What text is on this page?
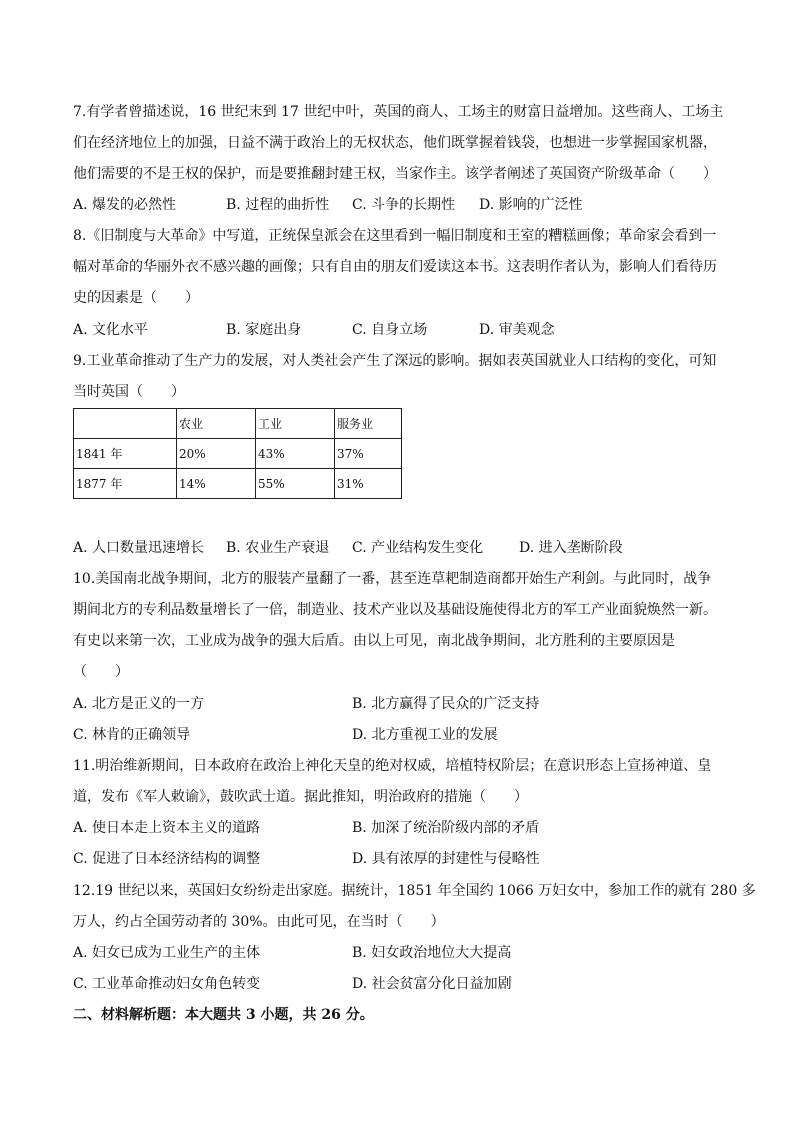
7.有学者曾描述说，16 世纪末到 17 世纪中叶，英国的商人、工场主的财富日益增加。这些商人、工场主
们在经济地位上的加强，日益不满于政治上的无权状态，他们既掌握着钱袋，也想进一步掌握国家机器，
他们需要的不是王权的保护，而是要推翻封建王权，当家作主。该学者阐述了英国资产阶级革命（　　）
A. 爆发的必然性	B. 过程的曲折性 C. 斗争的长期性 D. 影响的广泛性
8.《旧制度与大革命》中写道，正统保皇派会在这里看到一幅旧制度和王室的糟糕画像；革命家会看到一
幅对革命的华丽外衣不感兴趣的画像；只有自由的朋友们爱读这本书。这表明作者认为，影响人们看待历
史的因素是（　　）
A. 文化水平	B. 家庭出身	C. 自身立场	D. 审美观念
9.工业革命推动了生产力的发展，对人类社会产生了深远的影响。据如表英国就业人口结构的变化，可知
当时英国（　　）
	农业	工业	服务业
1841 年	20%	43%	37%
1877 年	14%	55%	31%
A. 人口数量迅速增长 B. 农业生产衰退 C. 产业结构发生变化	D. 进入垄断阶段
10.美国南北战争期间，北方的服装产量翻了一番，甚至连草耙制造商都开始生产利剑。与此同时，战争
期间北方的专利品数量增长了一倍，制造业、技术产业以及基础设施使得北方的军工产业面貌焕然一新。
有史以来第一次，工业成为战争的强大后盾。由以上可见，南北战争期间，北方胜利的主要原因是
（　　）
A. 北方是正义的一方	B. 北方赢得了民众的广泛支持
C. 林肯的正确领导	D. 北方重视工业的发展
11.明治维新期间，日本政府在政治上神化天皇的绝对权威，培植特权阶层；在意识形态上宣扬神道、皇
道，发布《军人敕谕》，鼓吹武士道。据此推知，明治政府的措施（　　）
A. 使日本走上资本主义的道路	B. 加深了统治阶级内部的矛盾
C. 促进了日本经济结构的调整	D. 具有浓厚的封建性与侵略性
12.19 世纪以来，英国妇女纷纷走出家庭。据统计，1851 年全国约 1066 万妇女中，参加工作的就有 280 多
万人，约占全国劳动者的 30%。由此可见，在当时（　　）
A. 妇女已成为工业生产的主体	B. 妇女政治地位大大提高
C. 工业革命推动妇女角色转变	D. 社会贫富分化日益加剧
二、材料解析题：本大题共 3 小题，共 26 分。
